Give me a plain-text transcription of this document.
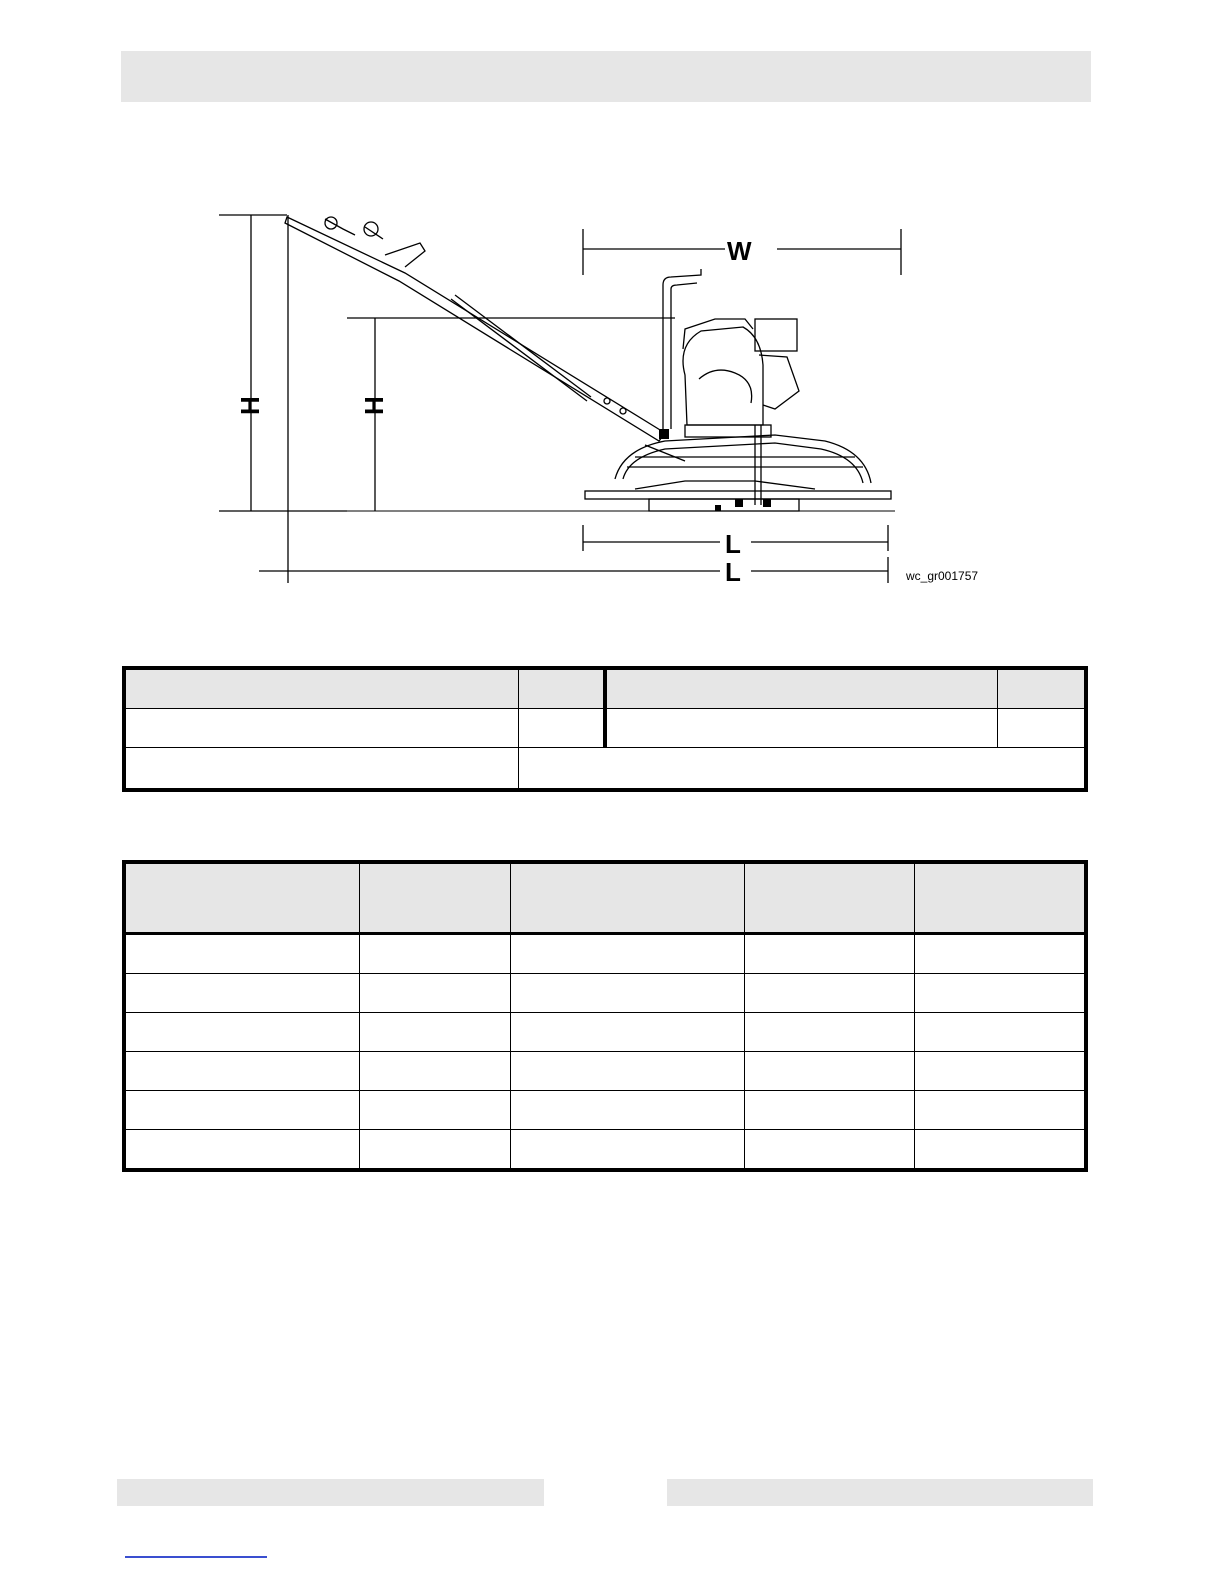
H	H
W
L
L	wc_gr001757
